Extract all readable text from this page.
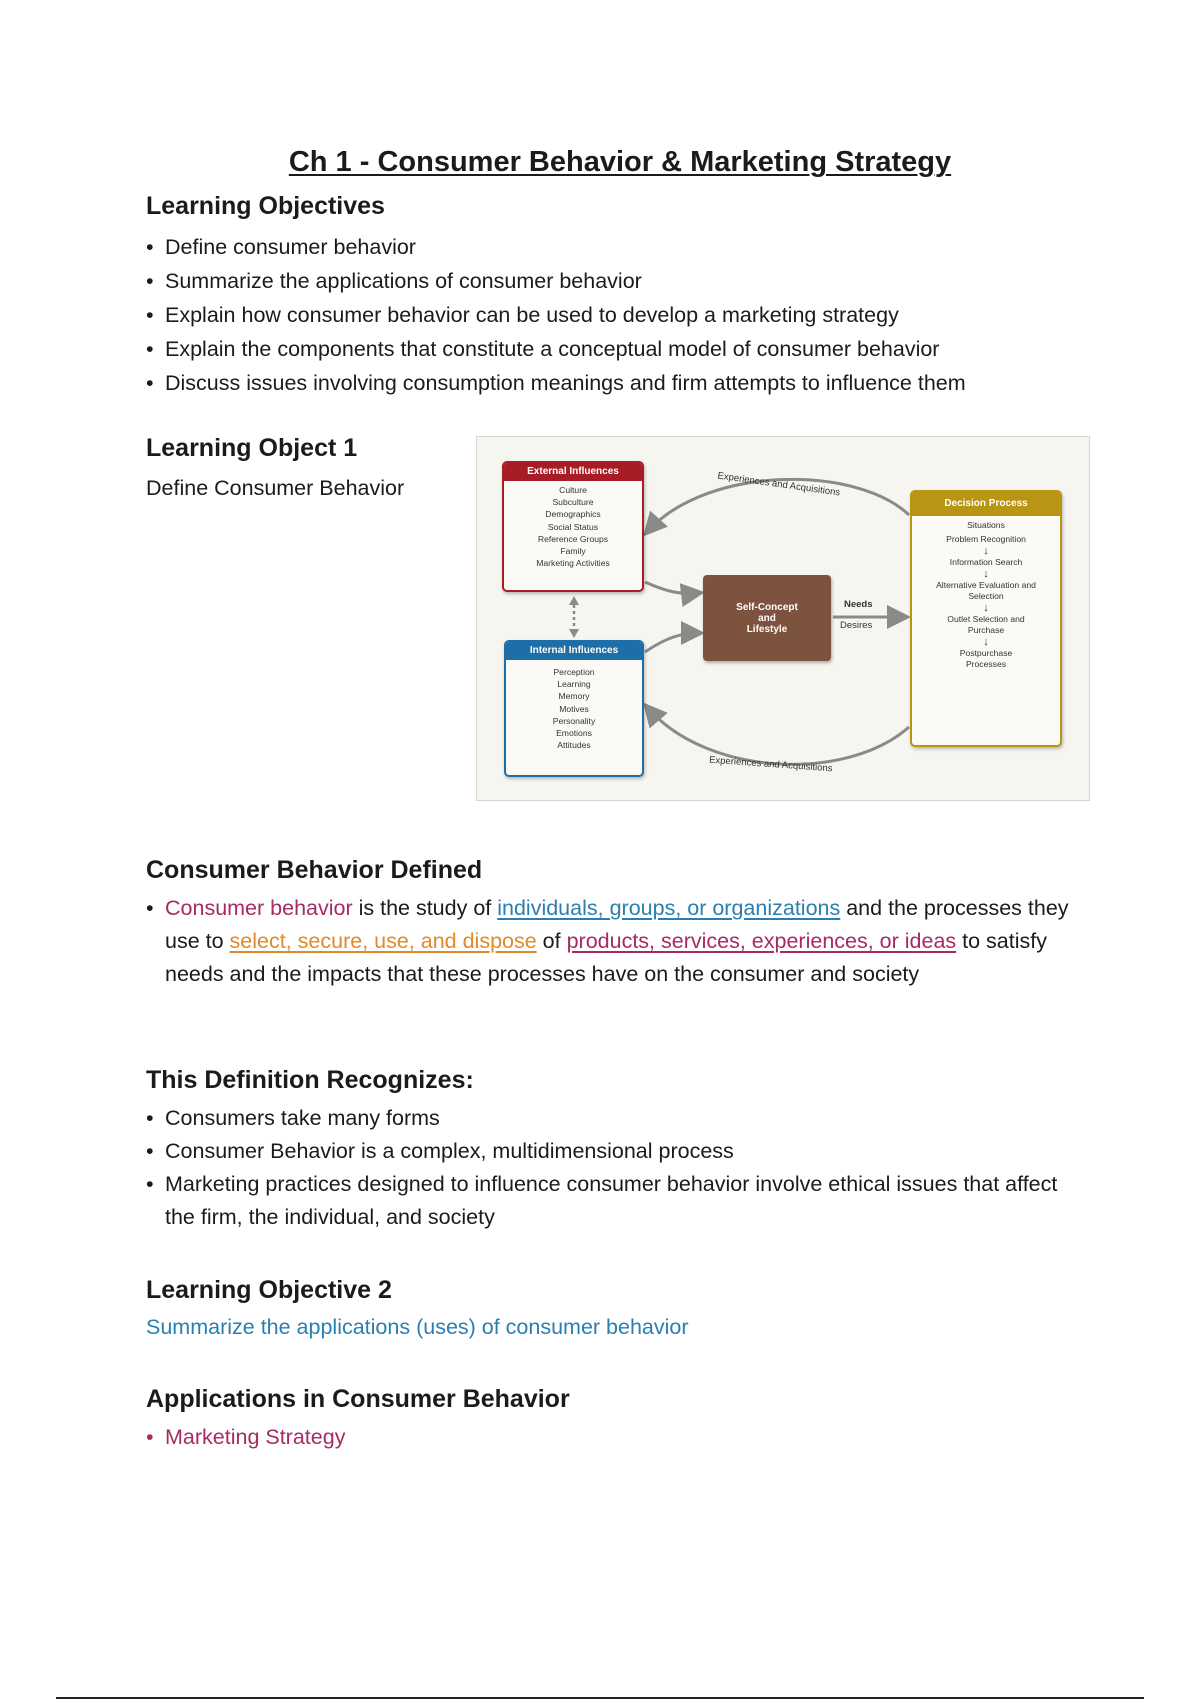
Ch 1 - Consumer Behavior & Marketing Strategy
Learning Objectives
• Define consumer behavior
• Summarize the applications of consumer behavior
• Explain how consumer behavior can be used to develop a marketing strategy
• Explain the components that constitute a conceptual model of consumer behavior
• Discuss issues involving consumption meanings and firm attempts to influence them
Learning Object 1

Define Consumer Behavior	Experiences and Acquisitions
Experiences and Acquisitions
External Influences
Culture
Subculture
Demographics
Social Status
Reference Groups
Family
Marketing Activities
Internal Influences
Perception
Learning
Memory
Motives
Personality
Emotions
Attitudes
Self-Concept
and
Lifestyle
Needs
Desires
Decision Process
Situations
Problem Recognition
↓
Information Search
↓
Alternative Evaluation and Selection
↓
Outlet Selection and Purchase
↓
Postpurchase Processes
Consumer Behavior Defined
• Consumer behavior is the study of individuals, groups, or organizations and the processes they use to select, secure, use, and dispose of products, services, experiences, or ideas to satisfy needs and the impacts that these processes have on the consumer and society
This Definition Recognizes:
• Consumers take many forms
• Consumer Behavior is a complex, multidimensional process
• Marketing practices designed to influence consumer behavior involve ethical issues that affect the firm, the individual, and society
Learning Objective 2

Summarize the applications (uses) of consumer behavior

Applications in Consumer Behavior
• Marketing Strategy
